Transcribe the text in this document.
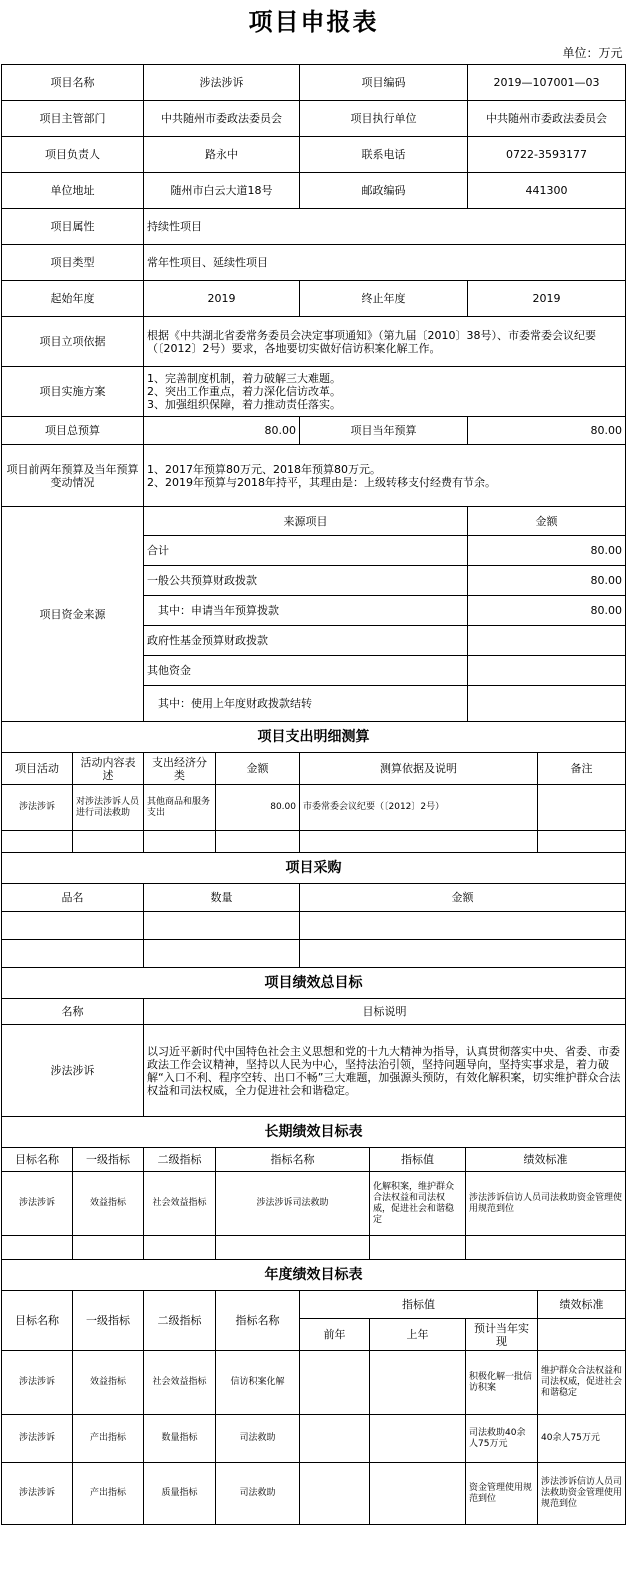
项目申报表			
单位：万元			
项目名称	涉法涉诉	项目编码	2019—107001—03
项目主管部门	中共随州市委政法委员会	项目执行单位	中共随州市委政法委员会
项目负责人	路永中	联系电话	0722-3593177
单位地址	随州市白云大道18号	邮政编码	441300
项目属性	持续性项目		
项目类型	常年性项目、延续性项目		
起始年度	2019	终止年度	2019
项目立项依据	根据《中共湖北省委常务委员会决定事项通知》（第九届〔2010〕38号）、市委常委会议纪要（〔2012〕2号）要求，各地要切实做好信访积案化解工作。		
项目实施方案	1、完善制度机制，着力破解三大难题。
2、突出工作重点，着力深化信访改革。
3、加强组织保障，着力推动责任落实。		

项目总预算	80.00	项目当年预算	80.00
项目前两年预算及当年预算变动情况	1、2017年预算80万元、2018年预算80万元。
2、2019年预算与2018年持平，其理由是：上级转移支付经费有节余。		

项目资金来源	来源项目		金额
	合计		80.00
	一般公共预算财政拨款		80.00
	　其中：申请当年预算拨款		80.00
	政府性基金预算财政拨款		
	其他资金		
	　其中：使用上年度财政拨款结转		
项目支出明细测算					
项目活动	活动内容表述	支出经济分类	金额	测算依据及说明	备注
涉法涉诉	对涉法涉诉人员进行司法救助	其他商品和服务支出	80.00	市委常委会议纪要（〔2012〕2号）	

项目采购		
品名	数量	金额

项目绩效总目标	
名称	目标说明
涉法涉诉	以习近平新时代中国特色社会主义思想和党的十九大精神为指导，认真贯彻落实中央、省委、市委政法工作会议精神，坚持以人民为中心，坚持法治引领，坚持问题导向，坚持实事求是，着力破解“入口不利、程序空转、出口不畅”三大难题，加强源头预防，有效化解积案，切实维护群众合法权益和司法权威，全力促进社会和谐稳定。
长期绩效目标表					
目标名称	一级指标	二级指标	指标名称	指标值	绩效标准
涉法涉诉	效益指标	社会效益指标	涉法涉诉司法救助	化解积案，维护群众合法权益和司法权威，促进社会和谐稳定	涉法涉诉信访人员司法救助资金管理使用规范到位

年度绩效目标表							
目标名称	一级指标	二级指标	指标名称	指标值			绩效标准
				前年	上年	预计当年实现	
涉法涉诉	效益指标	社会效益指标	信访积案化解			积极化解一批信访积案	维护群众合法权益和司法权威，促进社会和谐稳定
涉法涉诉	产出指标	数量指标	司法救助			司法救助40余人75万元	40余人75万元
涉法涉诉	产出指标	质量指标	司法救助			资金管理使用规范到位	涉法涉诉信访人员司法救助资金管理使用规范到位
